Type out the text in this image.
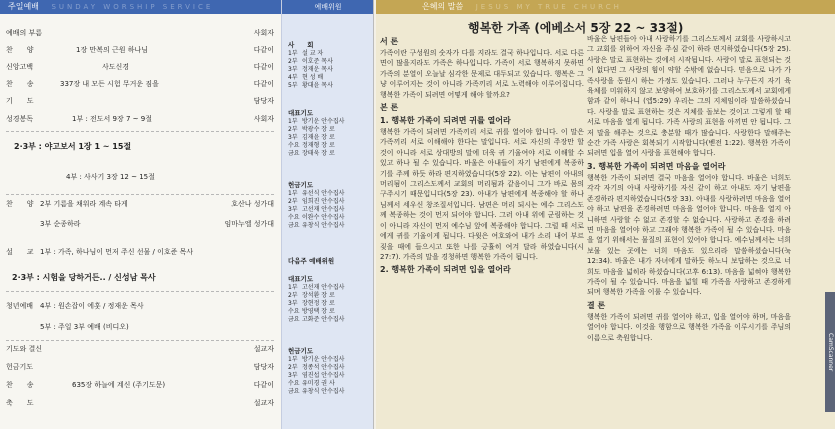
주일예배 SUNDAY WORSHIP SERVICE
예배의 부름	사회자
찬　　양	1장 만복의 근원 하나님	다같이
신앙고백	사도신경	다같이
찬　　송	337장 내 모든 시험 무거운 짐을	다같이
기　　도	담당자
성경봉독	1부 : 전도서 9장 7 ~ 9절	사회자
2·3부 : 야고보서 1장 1 ~ 15절
4부 : 사사기 3장 12 ~ 15절
찬　　양 2부 기름을 채워라 계속 타게	호산나 성가대
3부 순종하라	임마누엘 성가대
설　　교 1부 : 가족, 하나님이 먼저 주신 선물 / 이호준 목사
2·3부 : 시험을 당하거든.. / 신성남 목사
청년예배 4부 : 원손잡이 에훗 / 정재운 목사
5부 : 주일 3부 예배 (비디오)
기도와 결신	설교자
헌금기도	담당자
찬　　송	635장 하늘에 계신 (주기도문)	다같이
축　　도	설교자
예배위원
사　　회
1부 설 교 자
2부 이호준 목사
3부 정재운 목사
4부 현 성 배
5부 황대윤 목사
대표기도
1부 방기운 안수집사
2부 박광수 장 로
3부 김재윤 장 로
수요 정재형 장 로
금요 장태욱 장 로
헌금기도
1부 유선식 안수집사
2부 임희진 안수집사
3부 고선재 안수집사
수요 이완수 안수집사
금요 유창식 안수집사
다음주 예배위원
대표기도
1부 고선재 안수집사
2부 장석환 장 로
3부 장현정 장 로
수요 방영택 장 로
금요 고화준 안수집사
헌금기도
1부 방기운 안수집사
2부 정종석 안수집사
3부 염진섭 안수집사
수요 유미경 권 사
금요 유창식 안수집사
은혜의 말씀 JESUS MY TRUE CHURCH
행복한 가족 (에베소서 5장 22 ~ 33절)
서 론

가족이란 구성원의 숫자가 다를 지라도 결국 하나입니다. 서로 다른 면이 많을지라도 가족은 하나입니다. 가족이 서로 행복하지 못하면 가족의 분열이 오늘날 심각한 문제로 대두되고 있습니다. 행복은 그냥 이루어지는 것이 아니라 가족끼리 서로 노력해야 이루어집니다. 행복한 가족이 되려면 어떻게 해야 할까요?

본 론
1. 행복한 가족이 되려면 귀를 열어라

행복한 가족이 되려면 가족끼리 서로 귀를 열어야 합니다. 이 말은 가족끼리 서로 이해해야 한다는 말입니다. 서로 자신의 주장만 할 것이 아니라 서로 상대방의 말에 더욱 귀 기울여야 서로 이해할 수 있고 하나 될 수 있습니다. 바울은 아내들이 자기 남편에게 복종하기를 주께 하듯 하라 편지하였습니다(5장 22). 이는 남편이 아내의 머리됨이 그리스도께서 교회의 머리됨과 같음이니 그가 바로 몸의 구주시기 때문입니다(5장 23). 아내가 남편에게 복종해야 할 하나님께서 세우신 창조질서입니다. 남편은 머리 되시는 예수 그리스도께 복종하는 것이 먼저 되어야 합니다. 그러 아내 위에 군림하는 것이 아니라 자신이 먼저 예수님 앞에 복종해야 합니다. 그럴 때 서로에게 귀를 기울이게 됩니다. 다윗은 여호와여 내가 소리 내어 부르짖을 때에 들으시고 또한 나를 긍휼히 여겨 달라 하였습니다(시 27:7). 가족의 말을 경청하면 행복한 가족이 됩니다.

2. 행복한 가족이 되려면 입을 열어라

바울은 남편들아 아내 사랑하기를 그리스도께서 교회를 사랑하시고 그 교회를 위하여 자신을 주심 같이 하라 편지하였습니다(5장 25). 사랑은 말로 표현하는 것에서 시작됩니다. 사랑이 말로 표현되는 것이 없다면 그 사랑의 힘이 약할 수밖에 없습니다. 믿음으로 나가 가족사랑을 동원시 하는 가정도 있습니다. 그러나 누구든지 자기 육 육체를 미워하지 않고 보양하여 보호하기를 그리스도께서 교회에게 함과 같이 하나니 (엡5:29) 우리는 그의 지체임이라 말씀하셨습니다. 사랑을 말로 표현하는 것은 지체를 돌보는 것이고 그렇게 할 때 서로 마음을 열게 됩니다. 가족 사랑의 표현을 아끼면 안 됩니다. 그저 말을 해주는 것으로 충분할 때가 많습니다. 사랑한다 말해주는 순간 가족 사랑은 회복되기 시작합니다(벧전 1:22). 행복한 가족이 되려면 입을 열어 사랑을 표현해야 합니다.

3. 행복한 가족이 되려면 마음을 열어라

행복한 가족이 되려면 결국 마음을 열어야 합니다. 바울은 너희도 각각 자기의 아내 사랑하기를 자신 같이 하고 아내도 자기 남편을 존경하라 편지하였습니다(5장 33). 아내를 사랑하려면 마음을 열어야 하고 남편을 존경하려면 마음을 열어야 합니다. 마음을 열지 아니하면 사랑할 수 없고 존경할 수 없습니다. 사랑하고 존경을 하려면 마음을 열어야 하고 그래야 행복한 가족이 될 수 있습니다. 마음을 열기 위해서는 물질의 표현이 있어야 합니다. 예수님께서는 너희 보물 있는 곳에는 너희 마음도 있으리라 말씀하셨습니다(눅 12:34). 바울은 내가 자녀에게 말하듯 하노니 보답하는 것으로 너희도 마음을 넓히라 하셨습니다(고후 6:13). 마음을 넓혀야 행복한 가족이 될 수 있습니다. 마음을 넓힐 때 가족을 사랑하고 존경하게 되며 행복한 가족을 이룰 수 있습니다.

결 론

행복한 가족이 되려면 귀를 열어야 하고, 입을 열어야 하며, 마음을 열어야 합니다. 이것을 행함으로 행복한 가족을 이루시기를 주님의 이름으로 축원합니다.	CamScanner
